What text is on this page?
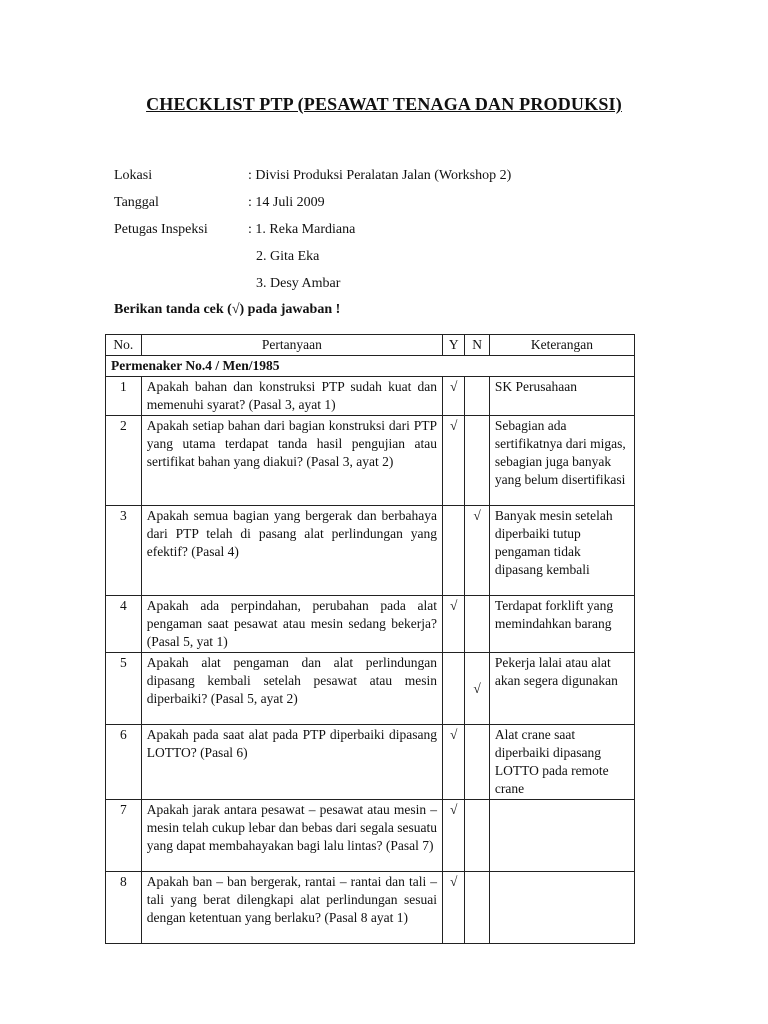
CHECKLIST PTP (PESAWAT TENAGA DAN PRODUKSI)
Lokasi	: Divisi Produksi Peralatan Jalan (Workshop 2)
Tanggal	: 14 Juli 2009
Petugas Inspeksi	: 1. Reka Mardiana
2. Gita Eka
3. Desy Ambar
Berikan tanda cek (√) pada jawaban !
No.	Pertanyaan	Y	N	Keterangan
Permenaker No.4 / Men/1985				
1	Apakah bahan dan konstruksi PTP sudah kuat dan memenuhi syarat? (Pasal 3, ayat 1)	√		SK Perusahaan
2	Apakah setiap bahan dari bagian konstruksi dari PTP yang utama terdapat tanda hasil pengujian atau sertifikat bahan yang diakui? (Pasal 3, ayat 2)	√		Sebagian ada sertifikatnya dari migas, sebagian juga banyak yang belum disertifikasi
3	Apakah semua bagian yang bergerak dan berbahaya dari PTP telah di pasang alat perlindungan yang efektif? (Pasal 4)		√	Banyak mesin setelah diperbaiki tutup pengaman tidak dipasang kembali
4	Apakah ada perpindahan, perubahan pada alat pengaman saat pesawat atau mesin sedang bekerja? (Pasal 5, yat 1)	√		Terdapat forklift yang memindahkan barang
5	Apakah alat pengaman dan alat perlindungan dipasang kembali setelah pesawat atau mesin diperbaiki? (Pasal 5, ayat 2)		√	Pekerja lalai atau alat akan segera digunakan
6	Apakah pada saat alat pada PTP diperbaiki dipasang LOTTO? (Pasal 6)	√		Alat crane saat diperbaiki dipasang LOTTO pada remote crane
7	Apakah jarak antara pesawat – pesawat atau mesin – mesin telah cukup lebar dan bebas dari segala sesuatu yang dapat membahayakan bagi lalu lintas? (Pasal 7)	√		
8	Apakah ban – ban bergerak, rantai – rantai dan tali – tali yang berat dilengkapi alat perlindungan sesuai dengan ketentuan yang berlaku? (Pasal 8 ayat 1)	√		
